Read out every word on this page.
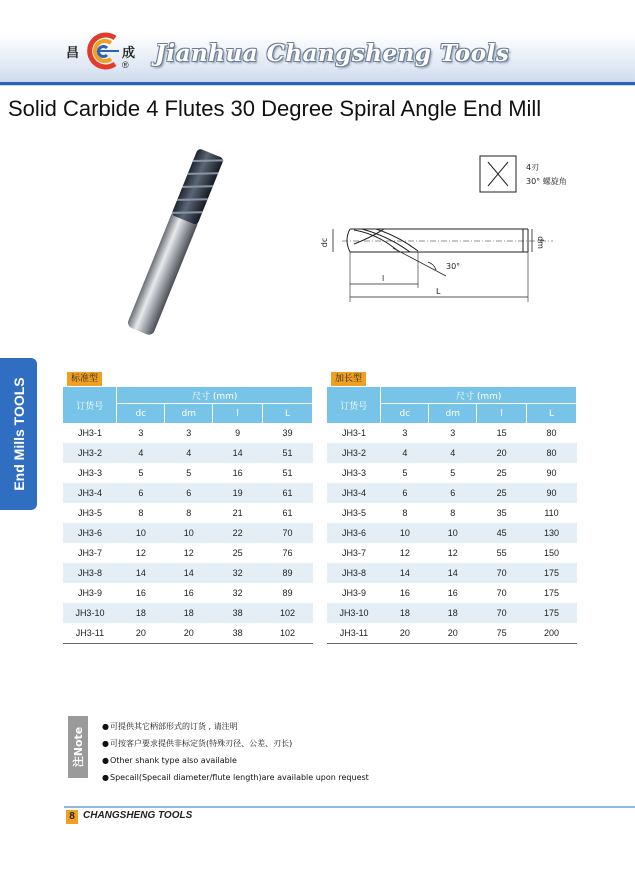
昌	成
® Jianhua Changsheng Tools
Solid Carbide 4 Flutes 30 Degree Spiral Angle End Mill
4刃
30° 螺旋角
dc	dm
30°
l
L
End Mills TOOLS	标准型
订货号	尺寸 (mm)			
	dc	dm	l	L
JH3-1	3	3	9	39
JH3-2	4	4	14	51
JH3-3	5	5	16	51
JH3-4	6	6	19	61
JH3-5	8	8	21	61
JH3-6	10	10	22	70
JH3-7	12	12	25	76
JH3-8	14	14	32	89
JH3-9	16	16	32	89
JH3-10	18	18	38	102
JH3-11	20	20	38	102
加长型
订货号	尺寸 (mm)			
	dc	dm	l	L
JH3-1	3	3	15	80
JH3-2	4	4	20	80
JH3-3	5	5	25	90
JH3-4	6	6	25	90
JH3-5	8	8	35	110
JH3-6	10	10	45	130
JH3-7	12	12	55	150
JH3-8	14	14	70	175
JH3-9	16	16	70	175
JH3-10	18	18	70	175
JH3-11	20	20	75	200
注Note
●可提供其它柄部形式的订货 , 请注明
●可按客户要求提供非标定货(特殊刃径、公差、刃长)
●Other shank type also available
●Specail(Specail diameter/flute length)are available upon request
8 CHANGSHENG TOOLS
